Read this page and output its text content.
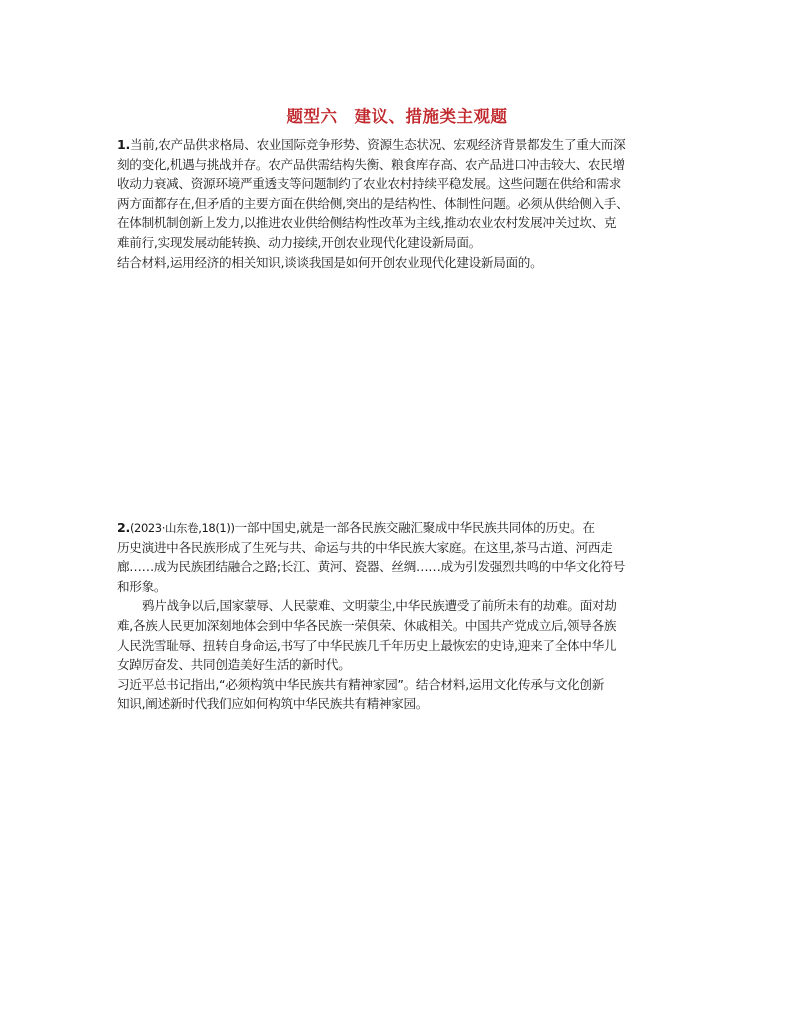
题型六　建议、措施类主观题
1.当前,农产品供求格局、农业国际竞争形势、资源生态状况、宏观经济背景都发生了重大而深
刻的变化,机遇与挑战并存。农产品供需结构失衡、粮食库存高、农产品进口冲击较大、农民增
收动力衰减、资源环境严重透支等问题制约了农业农村持续平稳发展。这些问题在供给和需求
两方面都存在,但矛盾的主要方面在供给侧,突出的是结构性、体制性问题。必须从供给侧入手、
在体制机制创新上发力,以推进农业供给侧结构性改革为主线,推动农业农村发展冲关过坎、克
难前行,实现发展动能转换、动力接续,开创农业现代化建设新局面。
结合材料,运用经济的相关知识,谈谈我国是如何开创农业现代化建设新局面的。
2.(2023·山东卷,18(1))一部中国史,就是一部各民族交融汇聚成中华民族共同体的历史。在
历史演进中各民族形成了生死与共、命运与共的中华民族大家庭。在这里,茶马古道、河西走
廊……成为民族团结融合之路;长江、黄河、瓷器、丝绸……成为引发强烈共鸣的中华文化符号
和形象。
鸦片战争以后,国家蒙辱、人民蒙难、文明蒙尘,中华民族遭受了前所未有的劫难。面对劫
难,各族人民更加深刻地体会到中华各民族一荣俱荣、休戚相关。中国共产党成立后,领导各族
人民洗雪耻辱、扭转自身命运,书写了中华民族几千年历史上最恢宏的史诗,迎来了全体中华儿
女踔厉奋发、共同创造美好生活的新时代。
习近平总书记指出,“必须构筑中华民族共有精神家园”。结合材料,运用文化传承与文化创新
知识,阐述新时代我们应如何构筑中华民族共有精神家园。
